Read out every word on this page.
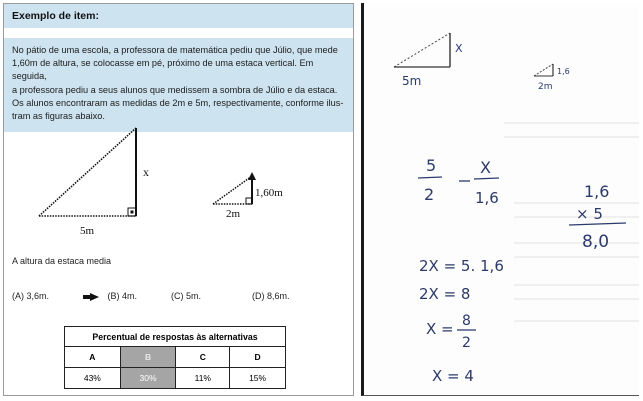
Exemplo de item:
No pátio de uma escola, a professora de matemática pediu que Júlio, que mede
1,60m de altura, se colocasse em pé, próximo de uma estaca vertical. Em seguida,
a professora pediu a seus alunos que medissem a sombra de Júlio e da estaca.
Os alunos encontraram as medidas de 2m e 5m, respectivamente, conforme ilus-
tram as figuras abaixo.
x
5m
1,60m
2m
A altura da estaca media
(A) 3,6m.	(B) 4m.	(C) 5m.	(D) 8,6m.
Percentual de respostas às alternativas			
A	B	C	D
43%	30%	11%	15%
X
5m
1,6
2m
5
2
X
1,6	1,6
× 5
8,0
2X = 5. 1,6
2X = 8
X = 8
2
X = 4
